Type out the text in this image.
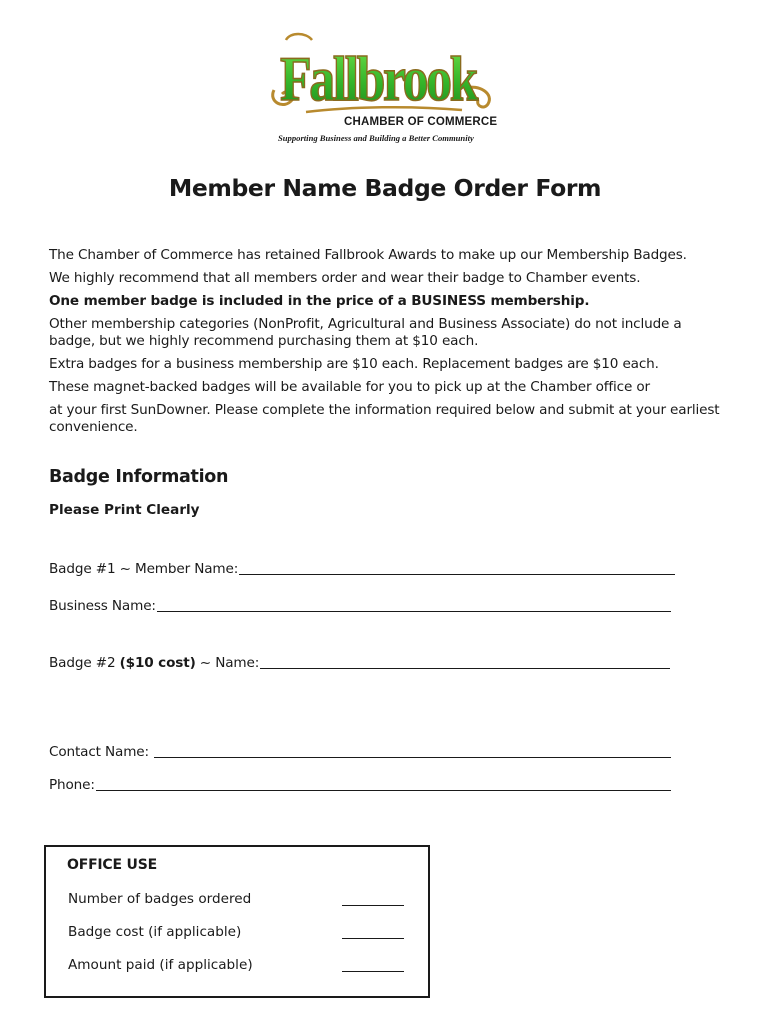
Fallbrook
CHAMBER OF COMMERCE
Supporting Business and Building a Better Community
Member Name Badge Order Form
The Chamber of Commerce has retained Fallbrook Awards to make up our Membership Badges.
We highly recommend that all members order and wear their badge to Chamber events.
One member badge is included in the price of a BUSINESS membership.
Other membership categories (NonProfit, Agricultural and Business Associate) do not include a
badge, but we highly recommend purchasing them at $10 each.
Extra badges for a business membership are $10 each. Replacement badges are $10 each.
These magnet-backed badges will be available for you to pick up at the Chamber office or
at your first SunDowner. Please complete the information required below and submit at your earliest
convenience.
Badge Information
Please Print Clearly
Badge #1 ~ Member Name:
Business Name:
Badge #2 ($10 cost) ~ Name:
Contact Name:
Phone:
OFFICE USE
Number of badges ordered
Badge cost (if applicable)
Amount paid (if applicable)
